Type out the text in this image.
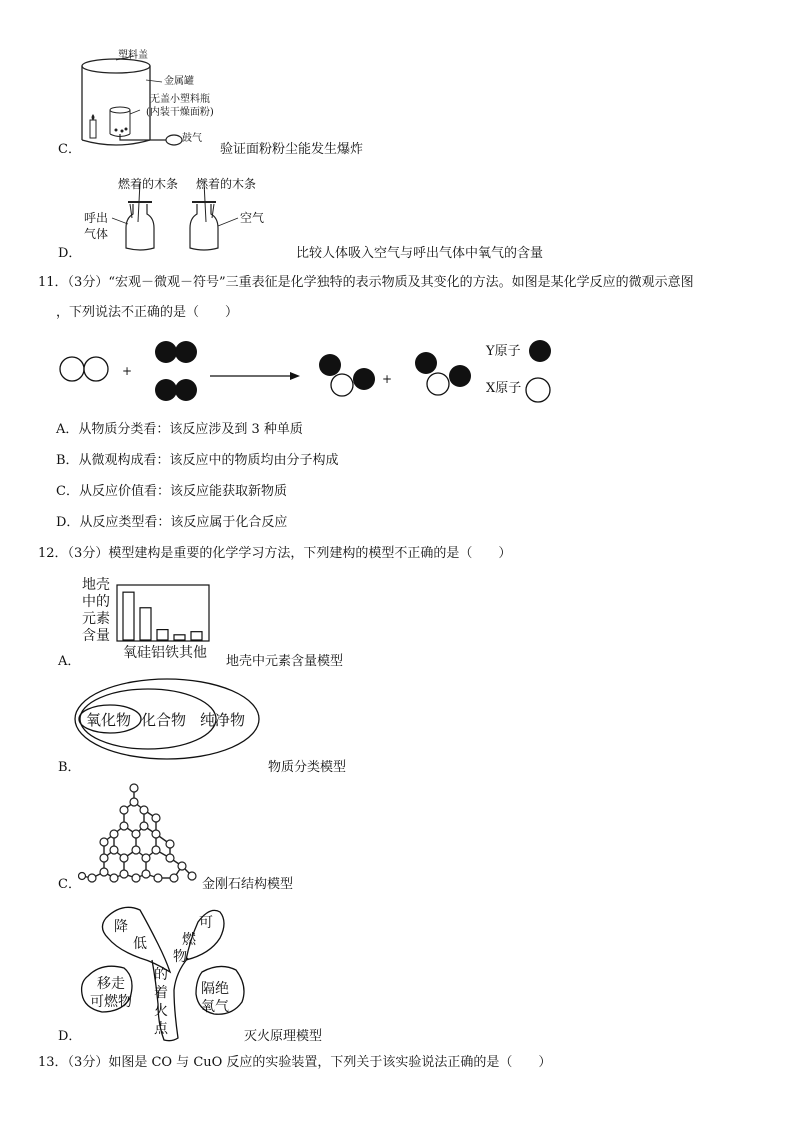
塑料盖
金属罐
无盖小塑料瓶
(内装干燥面粉)
鼓气
C．	验证面粉粉尘能发生爆炸
燃着的木条 燃着的木条
呼出
气体
空气
D．	比较人体吸入空气与呼出气体中氧气的含量
11．（3分）“宏观－微观－符号”三重表征是化学独特的表示物质及其变化的方法。如图是某化学反应的微观示意图
，下列说法不正确的是（　　）
+
+
Y原子
X原子
A．从物质分类看：该反应涉及到 3 种单质
B．从微观构成看：该反应中的物质均由分子构成
C．从反应价值看：该反应能获取新物质
D．从反应类型看：该反应属于化合反应
12．（3分）模型建构是重要的化学学习方法，下列建构的模型不正确的是（　　）
地壳
中的
元素
含量
氧硅铝铁其他
A．	地壳中元素含量模型
氧化物 化合物 纯净物
B．	物质分类模型
C．	金刚石结构模型
降
低
可
燃
物
的
着
火
点
移走
可燃物
隔绝
氧气
D．	灭火原理模型
13．（3分）如图是 CO 与 CuO 反应的实验装置，下列关于该实验说法正确的是（　　）
